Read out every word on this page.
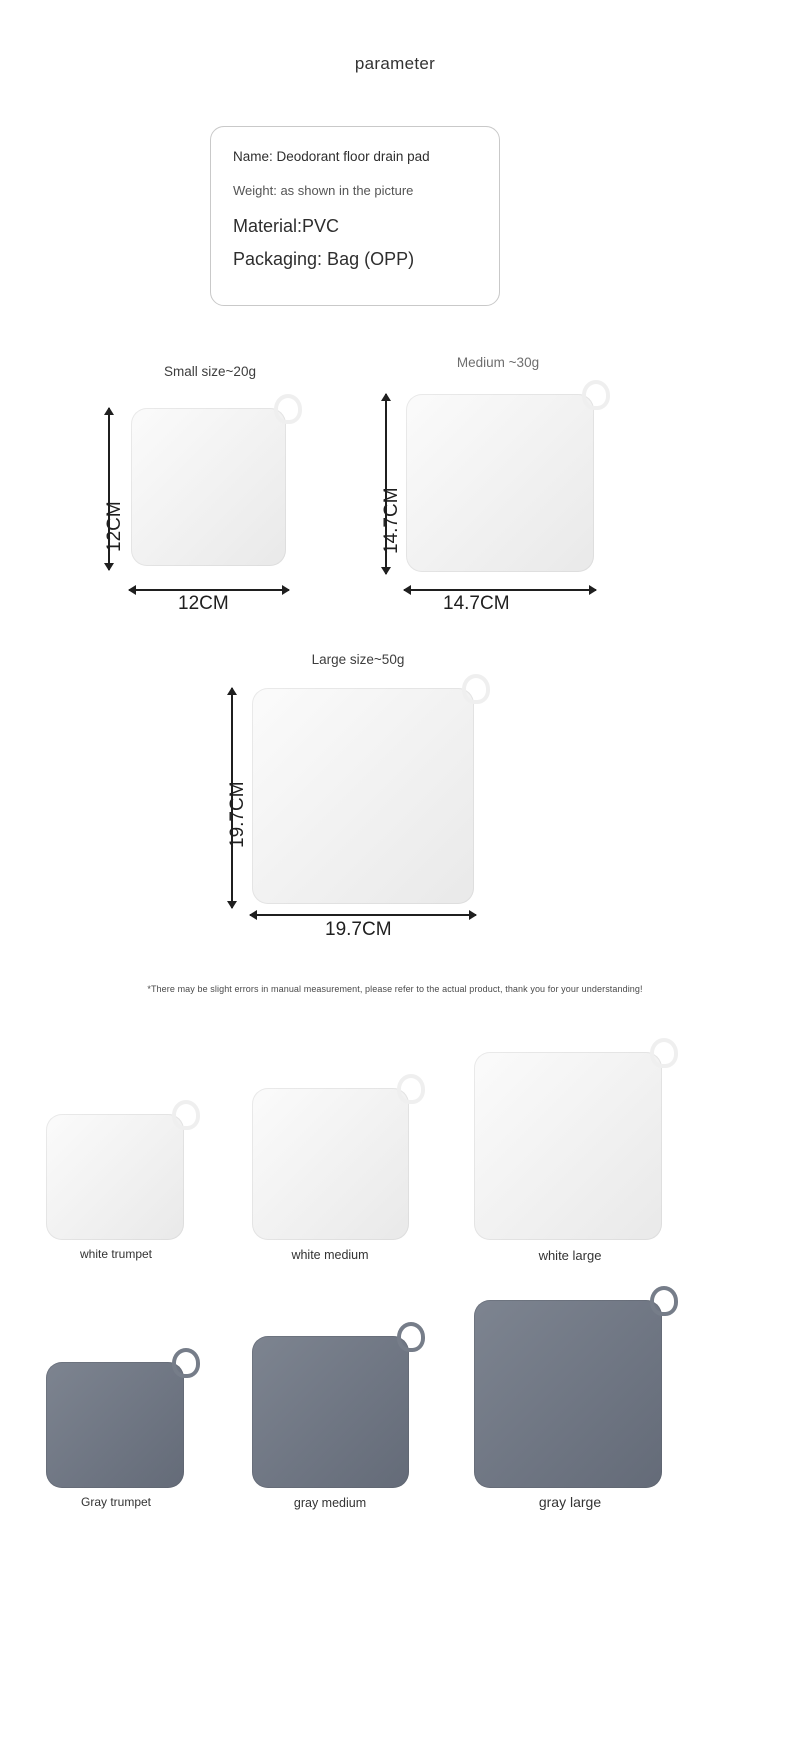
parameter
Name: Deodorant floor drain pad
Weight: as shown in the picture
Material:PVC
Packaging: Bag (OPP)
Small size~20g
12CM
12CM
Medium ~30g
14.7CM
14.7CM
Large size~50g
19.7CM
19.7CM
*There may be slight errors in manual measurement, please refer to the actual product, thank you for your understanding!
white trumpet	white medium	white large
Gray trumpet	gray medium	gray large
